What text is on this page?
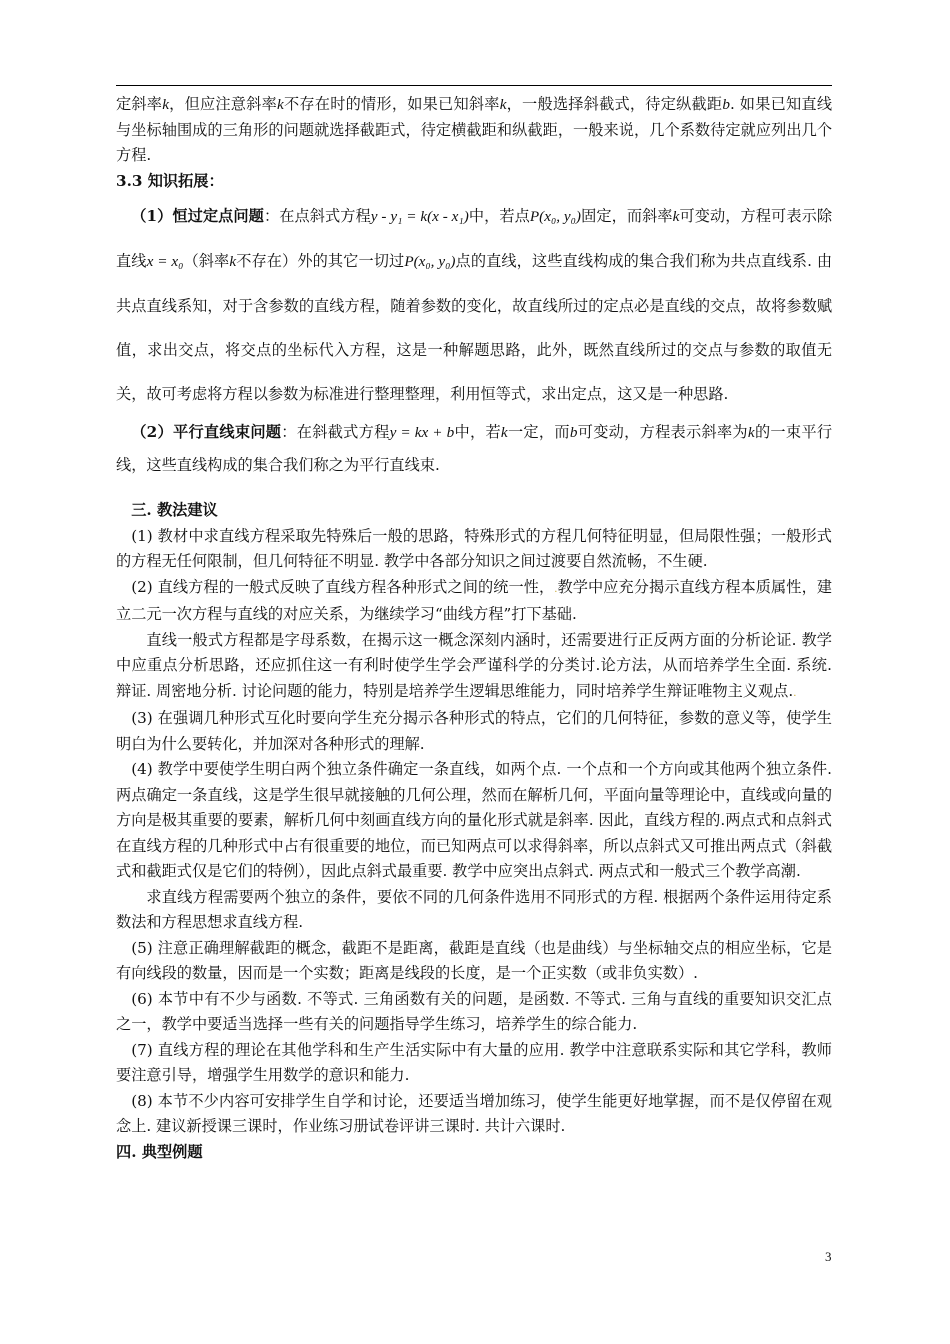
定斜率k，但应注意斜率k不存在时的情形，如果已知斜率k，一般选择斜截式，待定纵截距b. 如果已知直线与坐标轴围成的三角形的问题就选择截距式，待定横截距和纵截距，一般来说，几个系数待定就应列出几个方程.

3.3 知识拓展：

（1）恒过定点问题：在点斜式方程y - y₁ = k(x - x₁)中，若点P(x₀, y₀)固定，而斜率k可变动，方程可表示除直线x = x₀（斜率k不存在）外的其它一切过P(x₀, y₀)点的直线，这些直线构成的集合我们称为共点直线系. 由共点直线系知，对于含参数的直线方程，随着参数的变化，故直线所过的定点必是直线的交点，故将参数赋值，求出交点，将交点的坐标代入方程，这是一种解题思路，此外，既然直线所过的交点与参数的取值无关，故可考虑将方程以参数为标准进行整理整理，利用恒等式，求出定点，这又是一种思路.

（2）平行直线束问题：在斜截式方程y = kx + b中，若k一定，而b可变动，方程表示斜率为k的一束平行线，这些直线构成的集合我们称之为平行直线束.

三. 教法建议

(1) 教材中求直线方程采取先特殊后一般的思路，特殊形式的方程几何特征明显，但局限性强；一般形式的方程无任何限制，但几何特征不明显. 教学中各部分知识之间过渡要自然流畅，不生硬.

(2) 直线方程的一般式反映了直线方程各种形式之间的统一性，.教学中应充分揭示直线方程本质属性，建立二元一次方程与直线的对应关系，为继续学习“曲线方程”打下基础.

直线一般式方程都是字母系数，在揭示这一概念深刻内涵时，还需要进行正反两方面的分析论证. 教学中应重点分析思路，还应抓住这一有利时使学生学会严谨科学的分类讨.论方法，从而培养学生全面. 系统. 辩证. 周密地分析. 讨论问题的能力，特别是培养学生逻辑思维能力，同时培养学生辩证唯物主义观点..

(3) 在强调几种形式互化时要向学生充分揭示各种形式的特点，它们的几何特征，参数的意义等，使学生明白为什么要转化，并加深对各种形式的理解.

(4) 教学中要使学生明白两个独立条件确定一条直线，如两个点. 一个点和一个方向或其他两个独立条件. 两点确定一条直线，这是学生很早就接触的几何公理，然而在解析几何，平面向量等理论中，直线或向量的方向是极其重要的要素，解析几何中刻画直线方向的量化形式就是斜率. 因此，直线方程的.两点式和点斜式在直线方程的几种形式中占有很重要的地位，而已知两点可以求得斜率，所以点斜式又可推出两点式（斜截式和截距式仅是它们的特例），因此点斜式最重要. 教学中应突出点斜式. 两点式和一般式三个教学高潮.

求直线方程需要两个独立的条件，要依不同的几何条件选用不同形式的方程. 根据两个条件运用待定系数法和方程思想求直线方程.

(5) 注意正确理解截距的概念，截距不是距离，截距是直线（也是曲线）与坐标轴交点的相应坐标，它是有向线段的数量，因而是一个实数；距离是线段的长度，是一个正实数（或非负实数）.

(6) 本节中有不少与函数. 不等式. 三角函数有关的问题，是函数. 不等式. 三角与直线的重要知识交汇点之一，教学中要适当选择一些有关的问题指导学生练习，培养学生的综合能力.

(7) 直线方程的理论在其他学科和生产生活实际中有大量的应用. 教学中注意联系实际和其它学科，教师要注意引导，增强学生用数学的意识和能力.

(8) 本节不少内容可安排学生自学和讨论，还要适当增加练习，使学生能更好地掌握，而不是仅停留在观念上. 建议新授课三课时，作业练习册试卷评讲三课时. 共计六课时.

四. 典型例题

3
